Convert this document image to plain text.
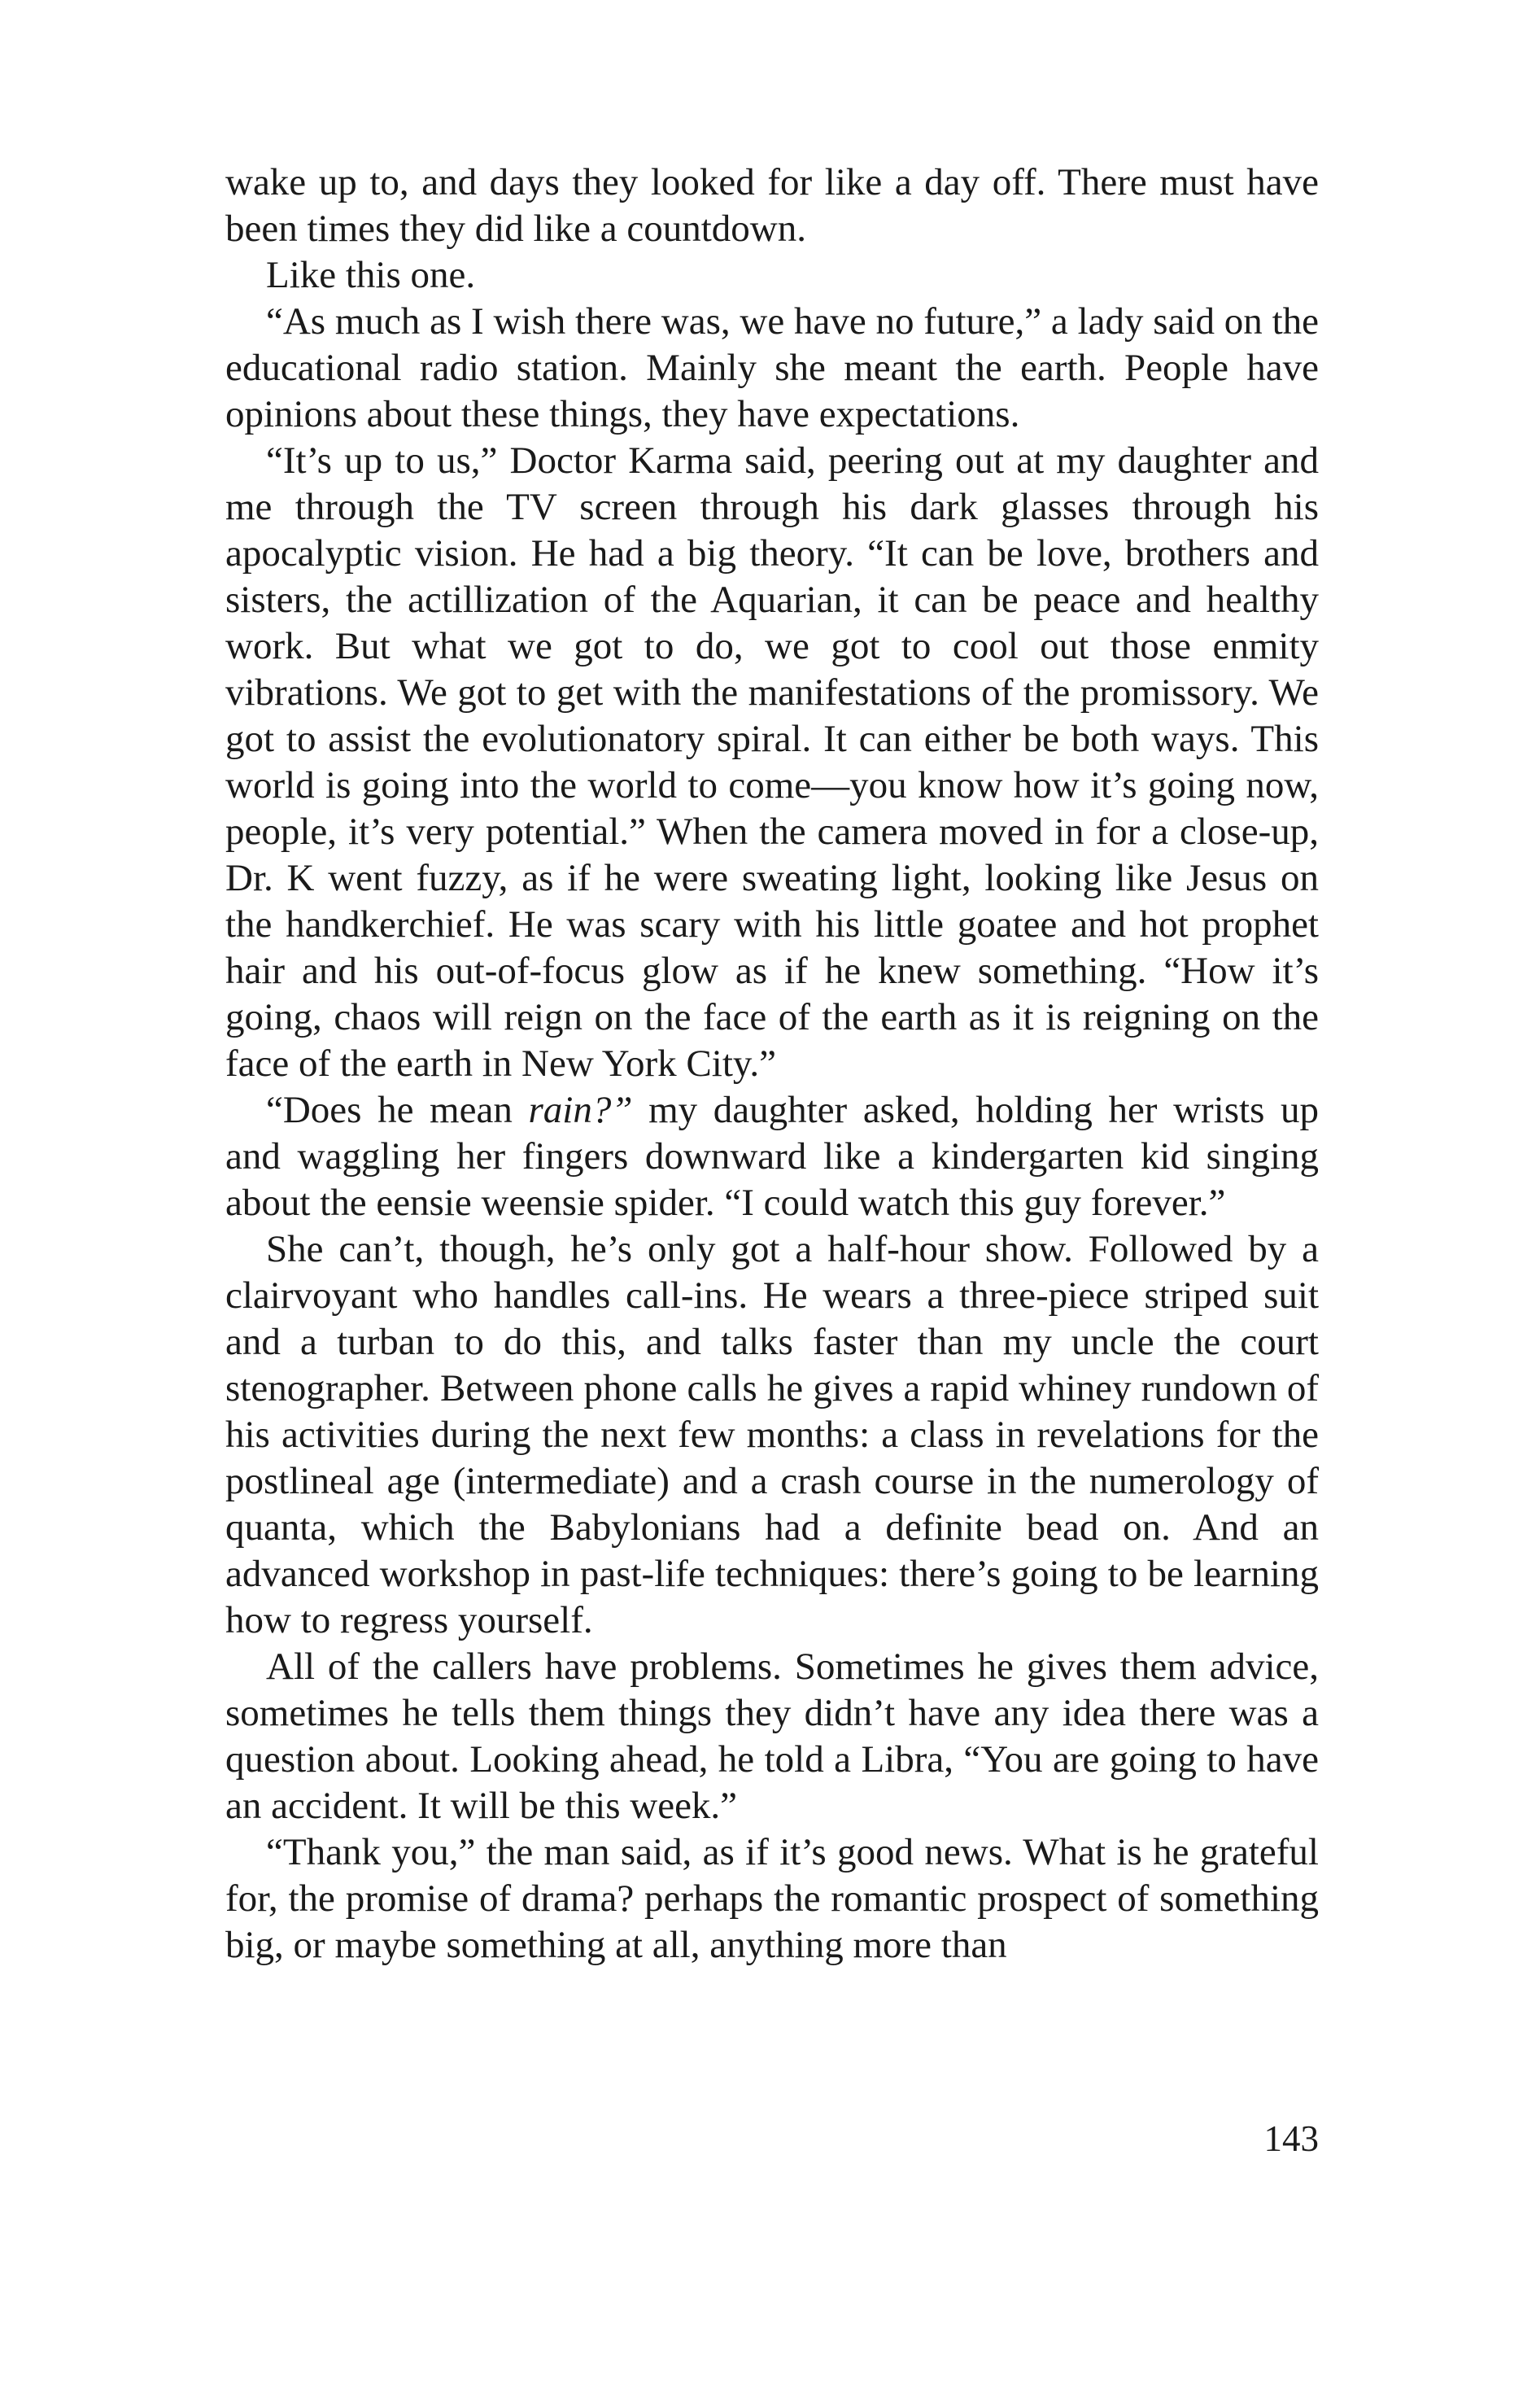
wake up to, and days they looked for like a day off. There must have been times they did like a countdown.

Like this one.

“As much as I wish there was, we have no future,” a lady said on the educational radio station. Mainly she meant the earth. People have opinions about these things, they have expectations.

“It’s up to us,” Doctor Karma said, peering out at my daughter and me through the TV screen through his dark glasses through his apocalyptic vision. He had a big theory. “It can be love, brothers and sisters, the actillization of the Aquarian, it can be peace and healthy work. But what we got to do, we got to cool out those enmity vibrations. We got to get with the manifestations of the promissory. We got to assist the evolutionatory spiral. It can either be both ways. This world is going into the world to come—you know how it’s going now, people, it’s very potential.” When the camera moved in for a close-up, Dr. K went fuzzy, as if he were sweating light, looking like Jesus on the handkerchief. He was scary with his little goatee and hot prophet hair and his out-of-focus glow as if he knew something. “How it’s going, chaos will reign on the face of the earth as it is reigning on the face of the earth in New York City.”

“Does he mean rain?” my daughter asked, holding her wrists up and waggling her fingers downward like a kindergarten kid singing about the eensie weensie spider. “I could watch this guy forever.”

She can’t, though, he’s only got a half-hour show. Followed by a clairvoyant who handles call-ins. He wears a three-piece striped suit and a turban to do this, and talks faster than my uncle the court stenographer. Between phone calls he gives a rapid whiney rundown of his activities during the next few months: a class in revelations for the postlineal age (intermediate) and a crash course in the numerology of quanta, which the Babylonians had a definite bead on. And an advanced workshop in past-life techniques: there’s going to be learning how to regress yourself.

All of the callers have problems. Sometimes he gives them advice, sometimes he tells them things they didn’t have any idea there was a question about. Looking ahead, he told a Libra, “You are going to have an accident. It will be this week.”

“Thank you,” the man said, as if it’s good news. What is he grateful for, the promise of drama? perhaps the romantic prospect of something big, or maybe something at all, anything more than

143
